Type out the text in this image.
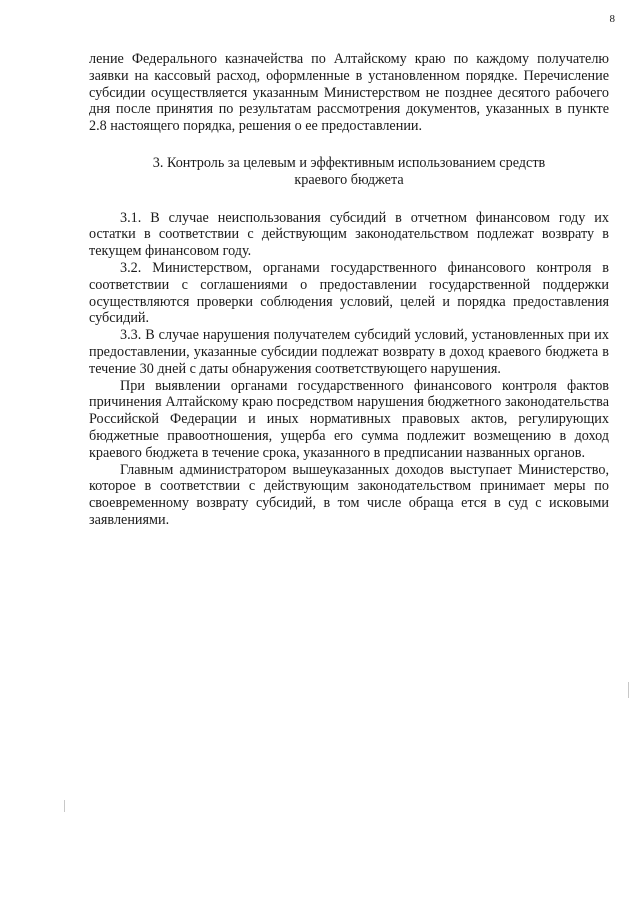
8

ление Федерального казначейства по Алтайскому краю по каждому получателю заявки на кассовый расход, оформленные в установленном порядке. Перечисление субсидии осуществляется указанным Министерством не позднее десятого рабочего дня после принятия по результатам рассмотрения документов, указанных в пункте 2.8 настоящего порядка, решения о ее предоставлении.

3. Контроль за целевым и эффективным использованием средств
краевого бюджета

3.1. В случае неиспользования субсидий в отчетном финансовом году их остатки в соответствии с действующим законодательством подлежат возврату в текущем финансовом году.

3.2. Министерством, органами государственного финансового контроля в соответствии с соглашениями о предоставлении государственной поддержки осуществляются проверки соблюдения условий, целей и порядка предоставления субсидий.

3.3. В случае нарушения получателем субсидий условий, установленных при их предоставлении, указанные субсидии подлежат возврату в доход краевого бюджета в течение 30 дней с даты обнаружения соответствующего нарушения.

При выявлении органами государственного финансового контроля фактов причинения Алтайскому краю посредством нарушения бюджетного законодательства Российской Федерации и иных нормативных правовых актов, регулирующих бюджетные правоотношения, ущерба его сумма подлежит возмещению в доход краевого бюджета в течение срока, указанного в предписании названных органов.

Главным администратором вышеуказанных доходов выступает Министерство, которое в соответствии с действующим законодательством принимает меры по своевременному возврату субсидий, в том числе обраща ется в суд с исковыми заявлениями.
